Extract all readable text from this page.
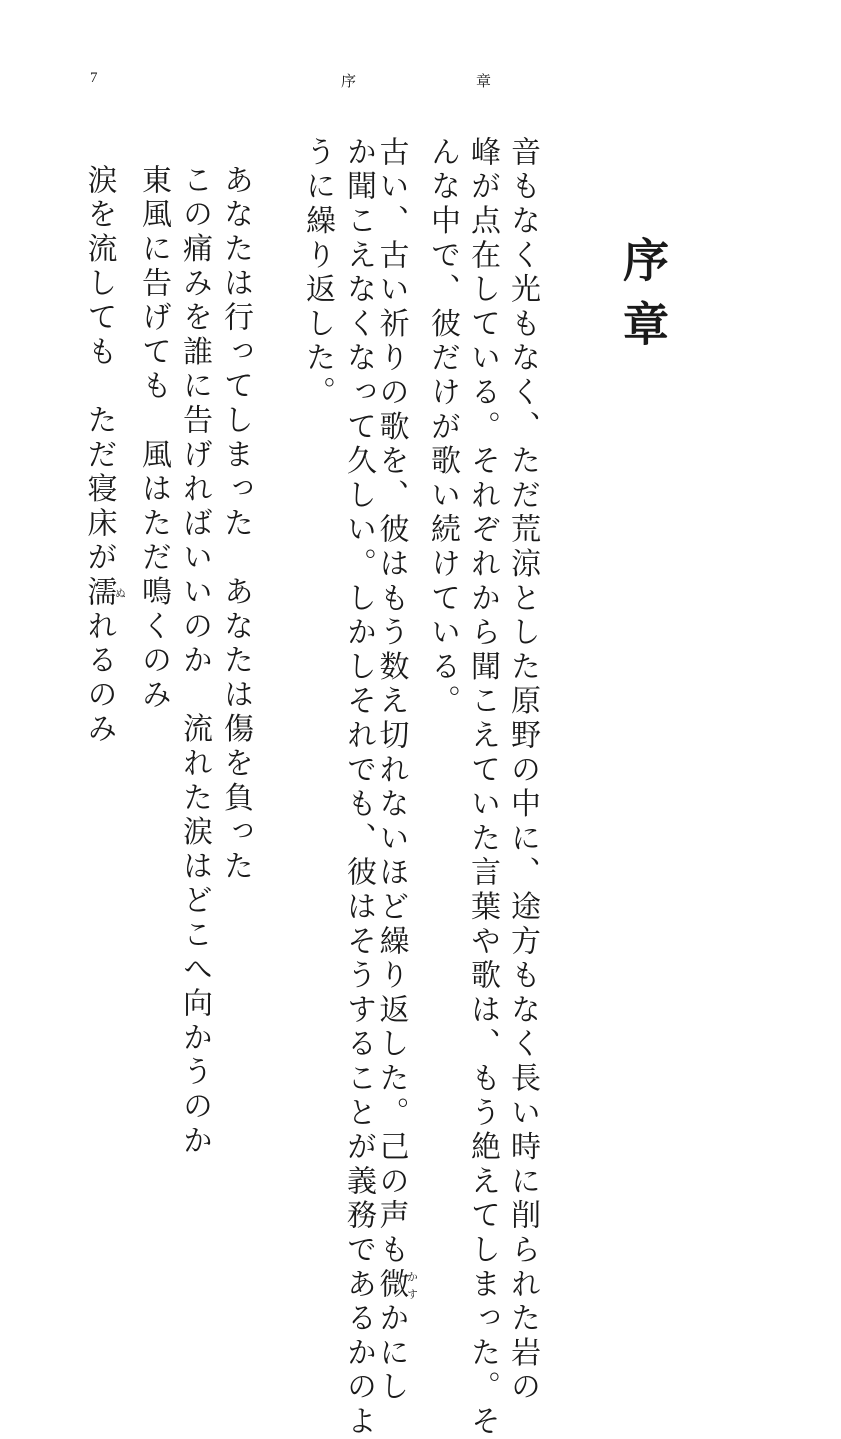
7	序	章
序章
音もなく光もなく、ただ荒涼とした原野の中に、途方もなく長い時に削られた岩の
峰が点在している。それぞれから聞こえていた言葉や歌は、もう絶えてしまった。そ
んな中で、彼だけが歌い続けている。
古い、古い祈りの歌を、彼はもう数え切れないほど繰り返した。己の声も微かすかにし
か聞こえなくなって久しい。しかしそれでも、彼はそうすることが義務であるかのよ
うに繰り返した。
あなたは行ってしまった　あなたは傷を負った
この痛みを誰に告げればいいのか　流れた涙はどこへ向かうのか
東風に告げても　風はただ鳴くのみ
涙を流しても　ただ寝床が濡ぬれるのみ
